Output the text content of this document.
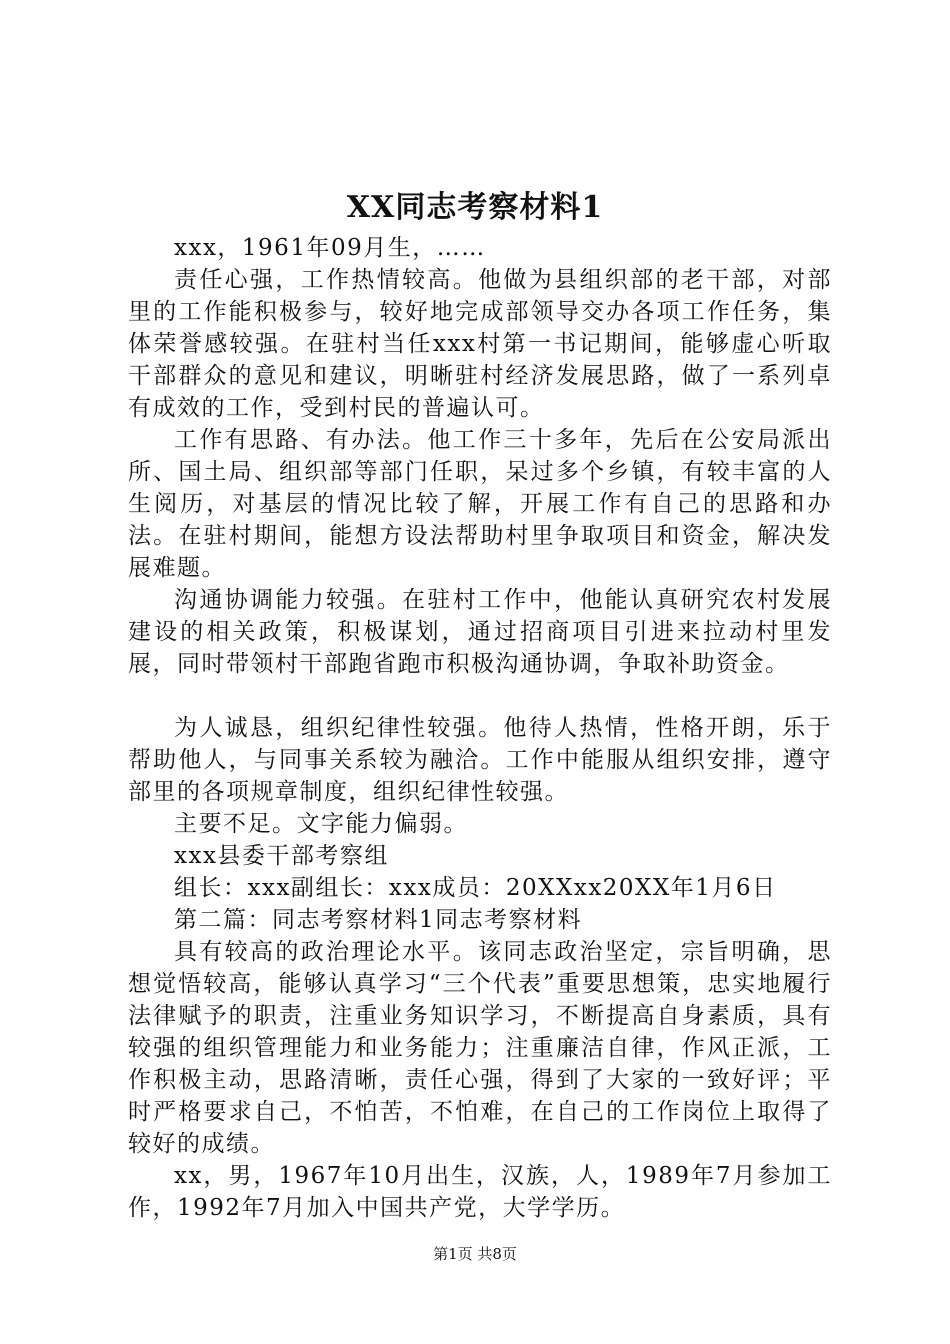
XX同志考察材料1

xxx，1961年09月生，……

责任心强，工作热情较高。他做为县组织部的老干部，对部里的工作能积极参与，较好地完成部领导交办各项工作任务，集体荣誉感较强。在驻村当任xxx村第一书记期间，能够虚心听取干部群众的意见和建议，明晰驻村经济发展思路，做了一系列卓有成效的工作，受到村民的普遍认可。

工作有思路、有办法。他工作三十多年，先后在公安局派出所、国土局、组织部等部门任职，呆过多个乡镇，有较丰富的人生阅历，对基层的情况比较了解，开展工作有自己的思路和办法。在驻村期间，能想方设法帮助村里争取项目和资金，解决发展难题。

沟通协调能力较强。在驻村工作中，他能认真研究农村发展建设的相关政策，积极谋划，通过招商项目引进来拉动村里发展，同时带领村干部跑省跑市积极沟通协调，争取补助资金。

为人诚恳，组织纪律性较强。他待人热情，性格开朗，乐于帮助他人，与同事关系较为融洽。工作中能服从组织安排，遵守部里的各项规章制度，组织纪律性较强。

主要不足。文字能力偏弱。

xxx县委干部考察组

组长：xxx副组长：xxx成员：20XXxx20XX年1月6日

第二篇：同志考察材料1同志考察材料

具有较高的政治理论水平。该同志政治坚定，宗旨明确，思想觉悟较高，能够认真学习“三个代表”重要思想策，忠实地履行法律赋予的职责，注重业务知识学习，不断提高自身素质，具有较强的组织管理能力和业务能力；注重廉洁自律，作风正派，工作积极主动，思路清晰，责任心强，得到了大家的一致好评；平时严格要求自己，不怕苦，不怕难，在自己的工作岗位上取得了较好的成绩。

xx，男，1967年10月出生，汉族，人，1989年7月参加工作，1992年7月加入中国共产党，大学学历。

第1页 共8页
